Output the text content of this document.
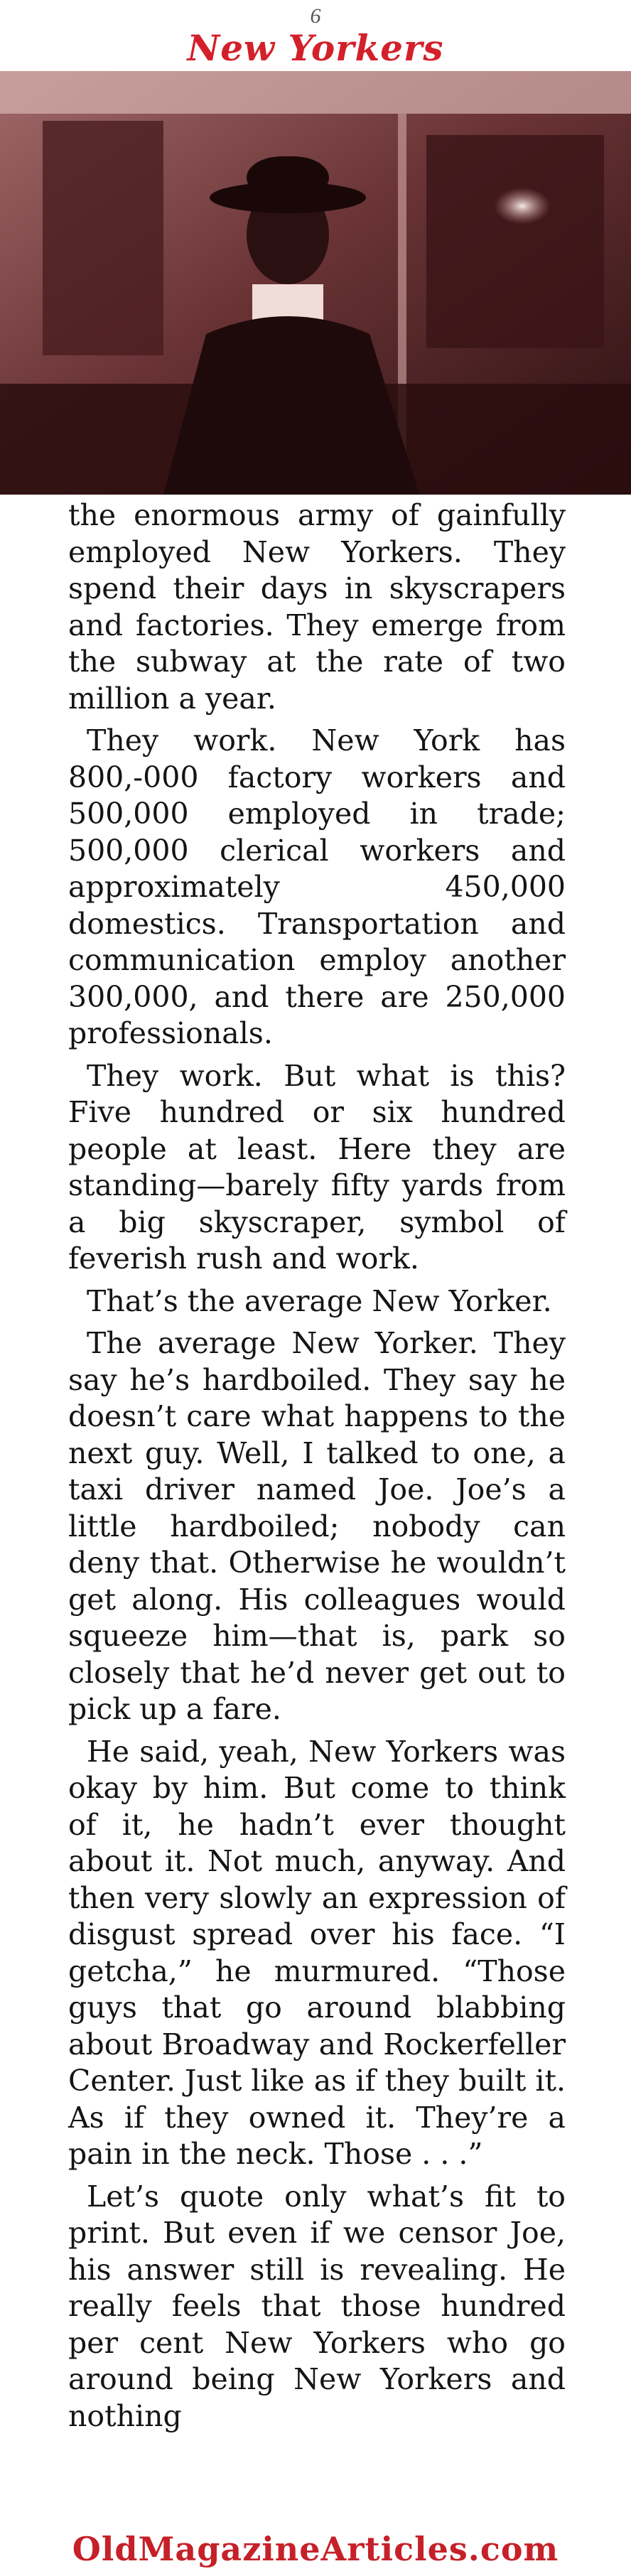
6
New Yorkers

the enormous army of gainfully employed New Yorkers. They spend their days in skyscrapers and factories. They emerge from the subway at the rate of two million a year.

They work. New York has 800,-000 factory workers and 500,000 employed in trade; 500,000 clerical workers and approximately 450,000 domestics. Transportation and communication employ another 300,000, and there are 250,000 professionals.

They work. But what is this? Five hundred or six hundred people at least. Here they are standing—barely fifty yards from a big skyscraper, symbol of feverish rush and work.

That’s the average New Yorker.

The average New Yorker. They say he’s hardboiled. They say he doesn’t care what happens to the next guy. Well, I talked to one, a taxi driver named Joe. Joe’s a little hardboiled; nobody can deny that. Otherwise he wouldn’t get along. His colleagues would squeeze him—that is, park so closely that he’d never get out to pick up a fare.

He said, yeah, New Yorkers was okay by him. But come to think of it, he hadn’t ever thought about it. Not much, anyway. And then very slowly an expression of disgust spread over his face. “I getcha,” he murmured. “Those guys that go around blabbing about Broadway and Rockerfeller Center. Just like as if they built it. As if they owned it. They’re a pain in the neck. Those . . .”

Let’s quote only what’s fit to print. But even if we censor Joe, his answer still is revealing. He really feels that those hundred per cent New Yorkers who go around being New Yorkers and nothing

OldMagazineArticles.com
